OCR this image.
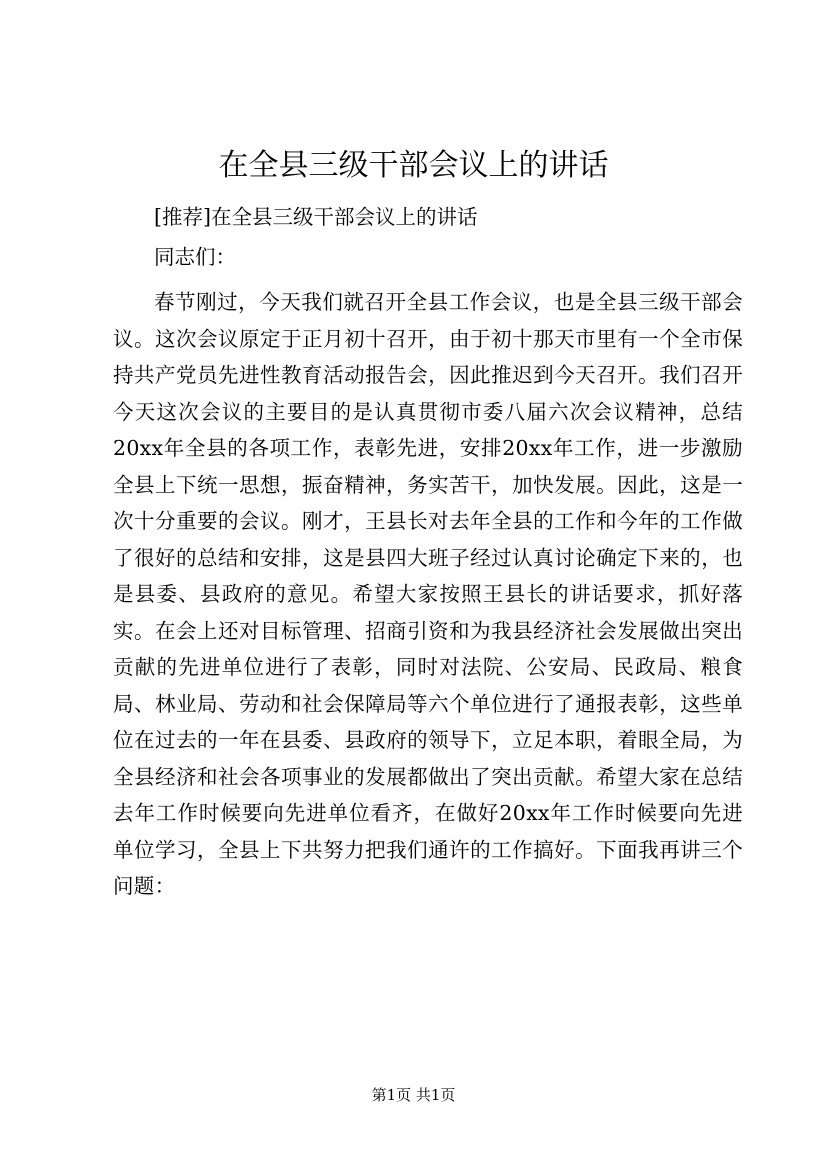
在全县三级干部会议上的讲话

[推荐]在全县三级干部会议上的讲话

同志们：

春节刚过，今天我们就召开全县工作会议，也是全县三级干部会议。这次会议原定于正月初十召开，由于初十那天市里有一个全市保持共产党员先进性教育活动报告会，因此推迟到今天召开。我们召开今天这次会议的主要目的是认真贯彻市委八届六次会议精神，总结20xx年全县的各项工作，表彰先进，安排20xx年工作，进一步激励全县上下统一思想，振奋精神，务实苦干，加快发展。因此，这是一次十分重要的会议。刚才，王县长对去年全县的工作和今年的工作做了很好的总结和安排，这是县四大班子经过认真讨论确定下来的，也是县委、县政府的意见。希望大家按照王县长的讲话要求，抓好落实。在会上还对目标管理、招商引资和为我县经济社会发展做出突出贡献的先进单位进行了表彰，同时对法院、公安局、民政局、粮食局、林业局、劳动和社会保障局等六个单位进行了通报表彰，这些单位在过去的一年在县委、县政府的领导下，立足本职，着眼全局，为全县经济和社会各项事业的发展都做出了突出贡献。希望大家在总结去年工作时候要向先进单位看齐，在做好20xx年工作时候要向先进单位学习，全县上下共努力把我们通许的工作搞好。下面我再讲三个问题：

第1页 共1页
